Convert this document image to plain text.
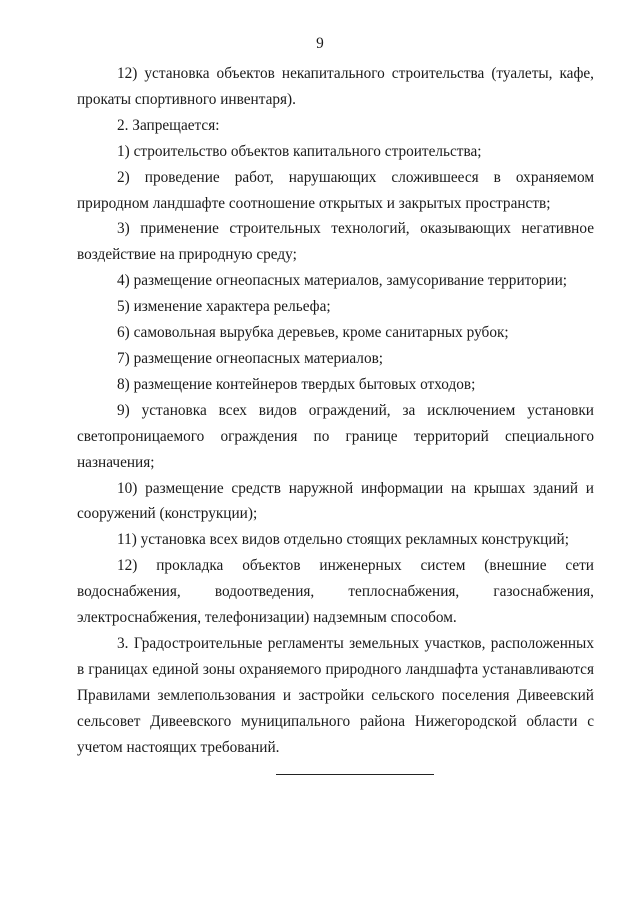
9

12) установка объектов некапитального строительства (туалеты, кафе, прокаты спортивного инвентаря).

2. Запрещается:

1) строительство объектов капитального строительства;

2) проведение работ, нарушающих сложившееся в охраняемом природном ландшафте соотношение открытых и закрытых пространств;

3) применение строительных технологий, оказывающих негативное воздействие на природную среду;

4) размещение огнеопасных материалов, замусоривание территории;

5) изменение характера рельефа;

6) самовольная вырубка деревьев, кроме санитарных рубок;

7) размещение огнеопасных материалов;

8) размещение контейнеров твердых бытовых отходов;

9) установка всех видов ограждений, за исключением установки светопроницаемого ограждения по границе территорий специального назначения;

10) размещение средств наружной информации на крышах зданий и сооружений (конструкции);

11) установка всех видов отдельно стоящих рекламных конструкций;

12) прокладка объектов инженерных систем (внешние сети водоснабжения, водоотведения, теплоснабжения, газоснабжения, электроснабжения, телефонизации) надземным способом.

3. Градостроительные регламенты земельных участков, расположенных в границах единой зоны охраняемого природного ландшафта устанавливаются Правилами землепользования и застройки сельского поселения Дивеевский сельсовет Дивеевского муниципального района Нижегородской области с учетом настоящих требований.
